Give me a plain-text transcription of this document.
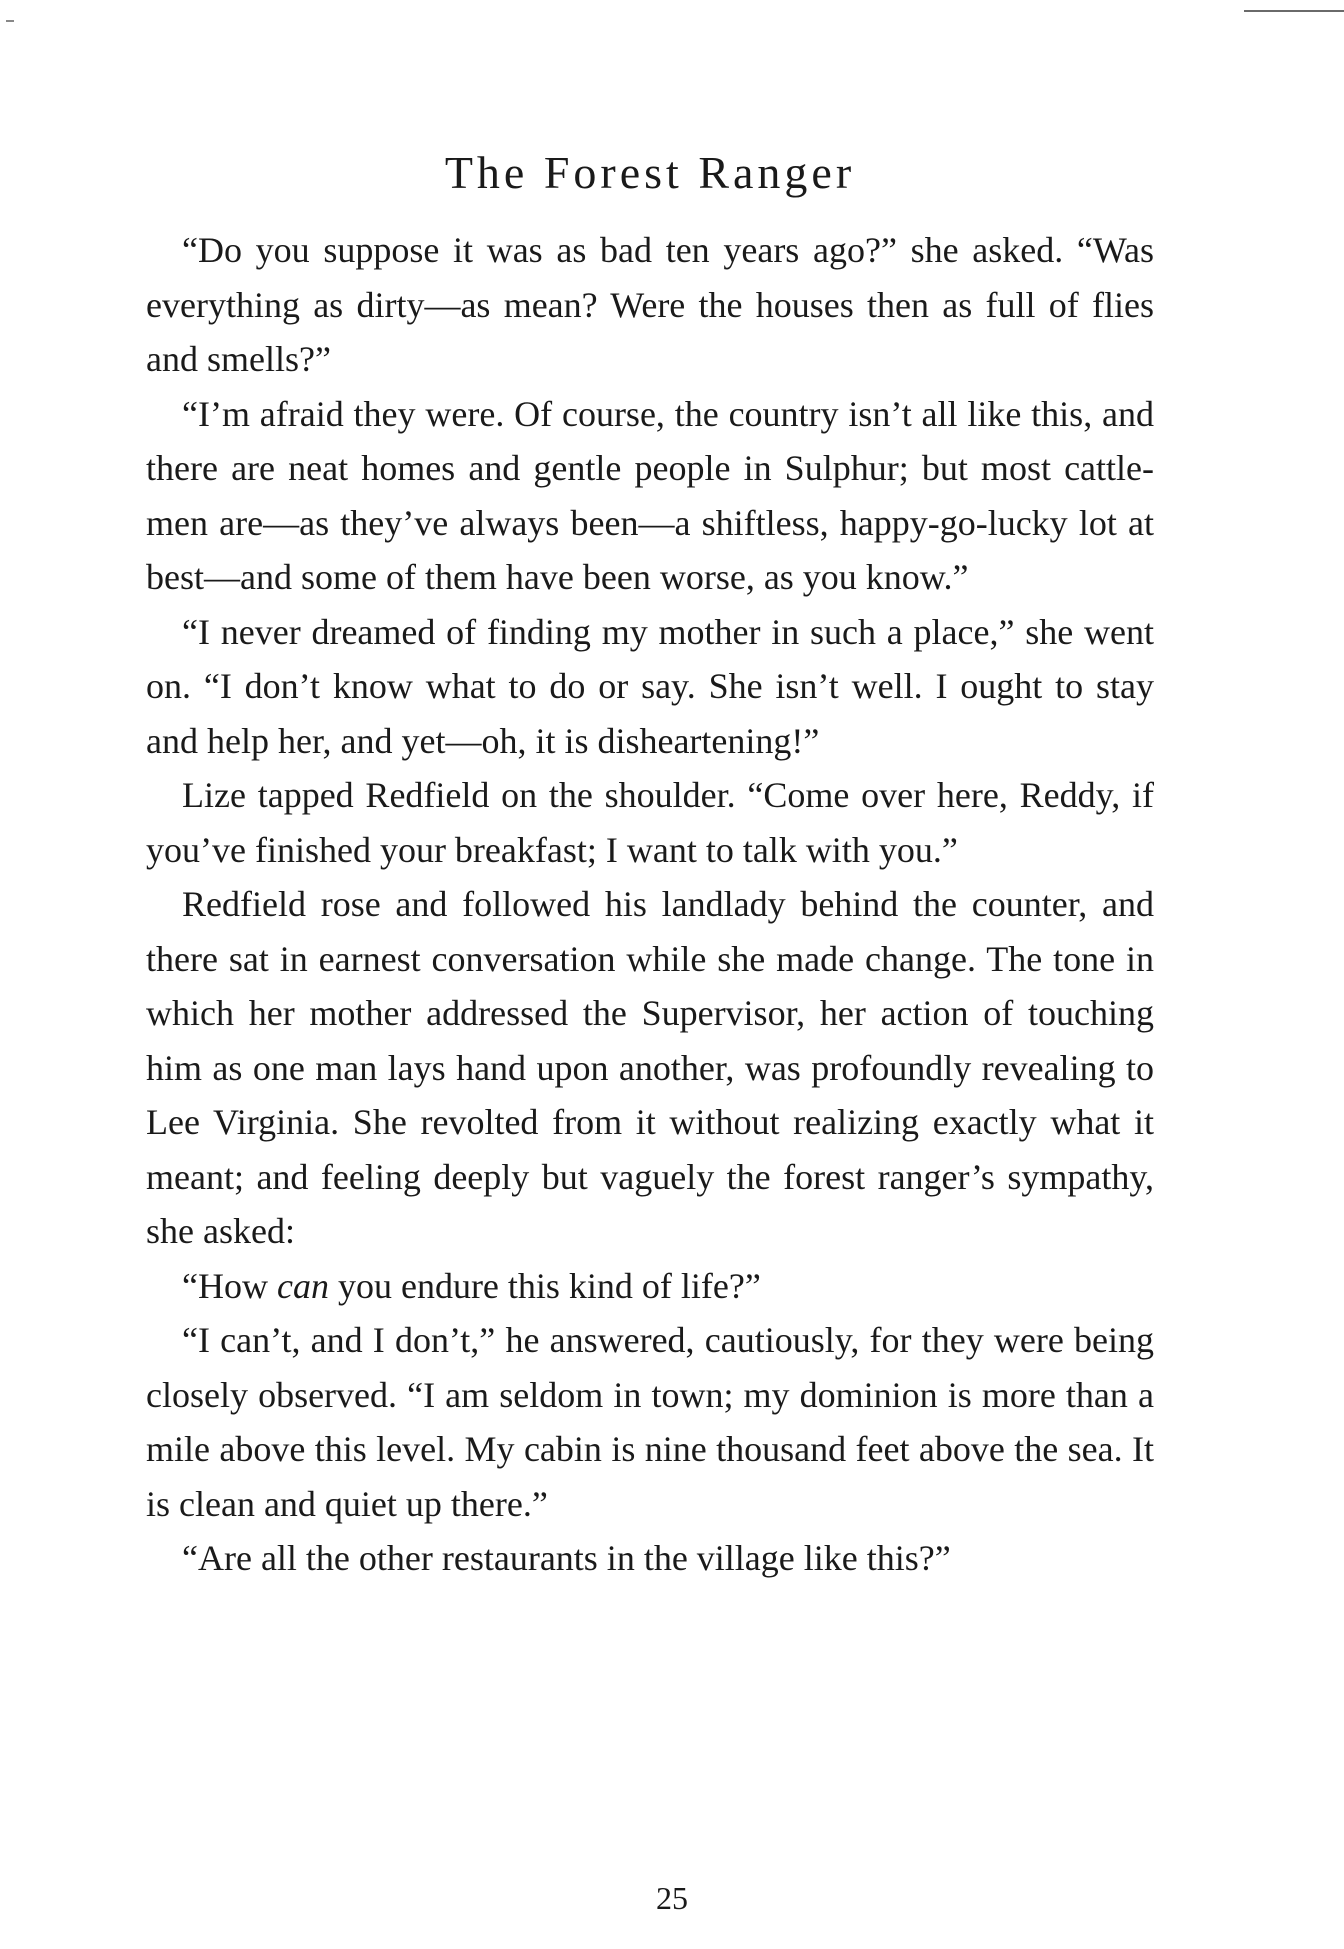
The Forest Ranger

“Do you suppose it was as bad ten years ago?” she asked. “Was everything as dirty—as mean? Were the houses then as full of flies and smells?”

“I’m afraid they were. Of course, the country isn’t all like this, and there are neat homes and gentle people in Sulphur; but most cattle-men are—as they’ve always been—a shiftless, happy-go-lucky lot at best—and some of them have been worse, as you know.”

“I never dreamed of finding my mother in such a place,” she went on. “I don’t know what to do or say. She isn’t well. I ought to stay and help her, and yet—oh, it is disheartening!”

Lize tapped Redfield on the shoulder. “Come over here, Reddy, if you’ve finished your breakfast; I want to talk with you.”

Redfield rose and followed his landlady behind the counter, and there sat in earnest conversation while she made change. The tone in which her mother addressed the Supervisor, her action of touching him as one man lays hand upon another, was profoundly revealing to Lee Virginia. She revolted from it without realizing exactly what it meant; and feeling deeply but vaguely the forest ranger’s sympathy, she asked:

“How can you endure this kind of life?”

“I can’t, and I don’t,” he answered, cautiously, for they were being closely observed. “I am seldom in town; my dominion is more than a mile above this level. My cabin is nine thousand feet above the sea. It is clean and quiet up there.”

“Are all the other restaurants in the village like this?”

25
